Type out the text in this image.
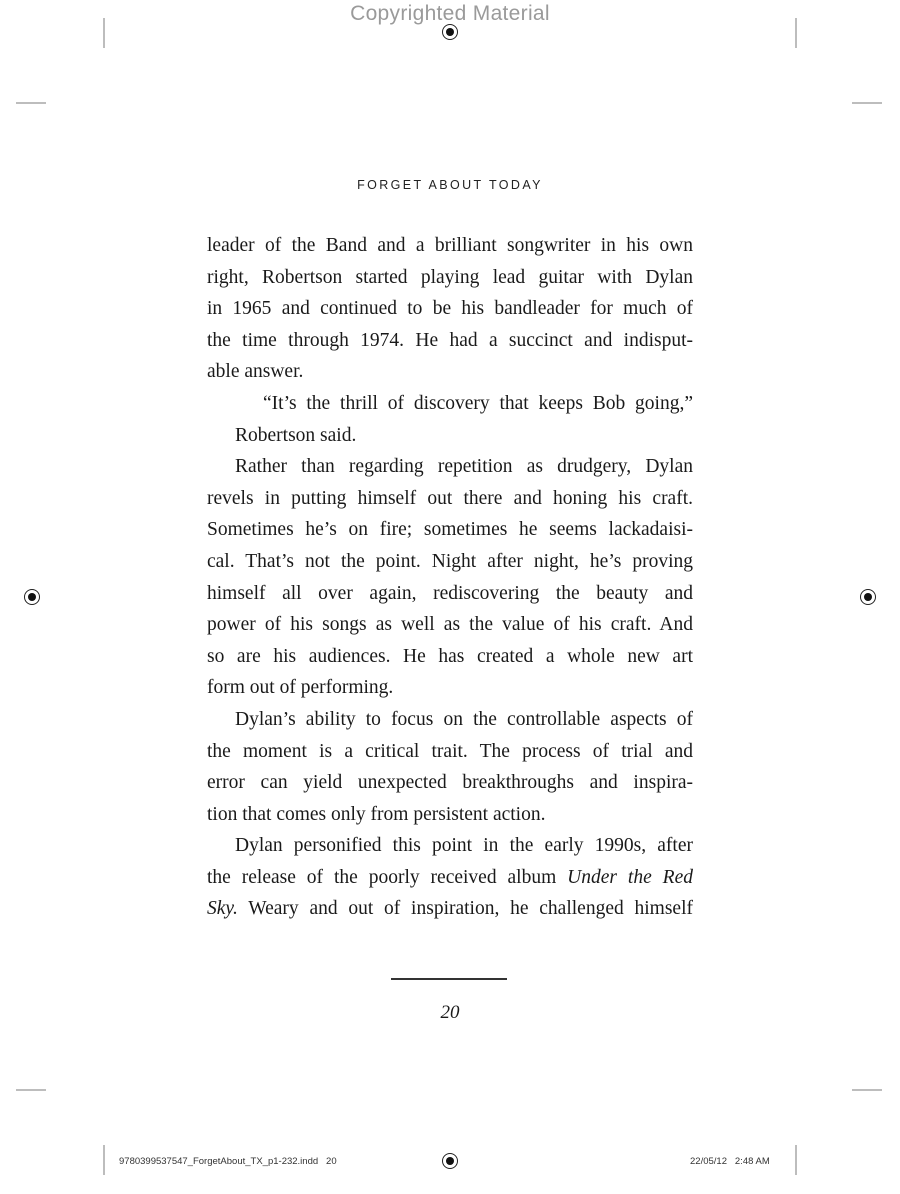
Copyrighted Material
FORGET ABOUT TODAY

leader of the Band and a brilliant songwriter in his own
right, Robertson started playing lead guitar with Dylan
in 1965 and continued to be his bandleader for much of
the time through 1974. He had a succinct and indisput-
able answer.

“It’s the thrill of discovery that keeps Bob going,”
Robertson said.

Rather than regarding repetition as drudgery, Dylan
revels in putting himself out there and honing his craft.
Sometimes he’s on fire; sometimes he seems lackadaisi-
cal. That’s not the point. Night after night, he’s proving
himself all over again, rediscovering the beauty and
power of his songs as well as the value of his craft. And
so are his audiences. He has created a whole new art
form out of performing.

Dylan’s ability to focus on the controllable aspects of
the moment is a critical trait. The process of trial and
error can yield unexpected breakthroughs and inspira-
tion that comes only from persistent action.

Dylan personified this point in the early 1990s, after
the release of the poorly received album Under the Red
Sky. Weary and out of inspiration, he challenged himself

20
9780399537547_ForgetAbout_TX_p1-232.indd   20	22/05/12   2:48 AM
